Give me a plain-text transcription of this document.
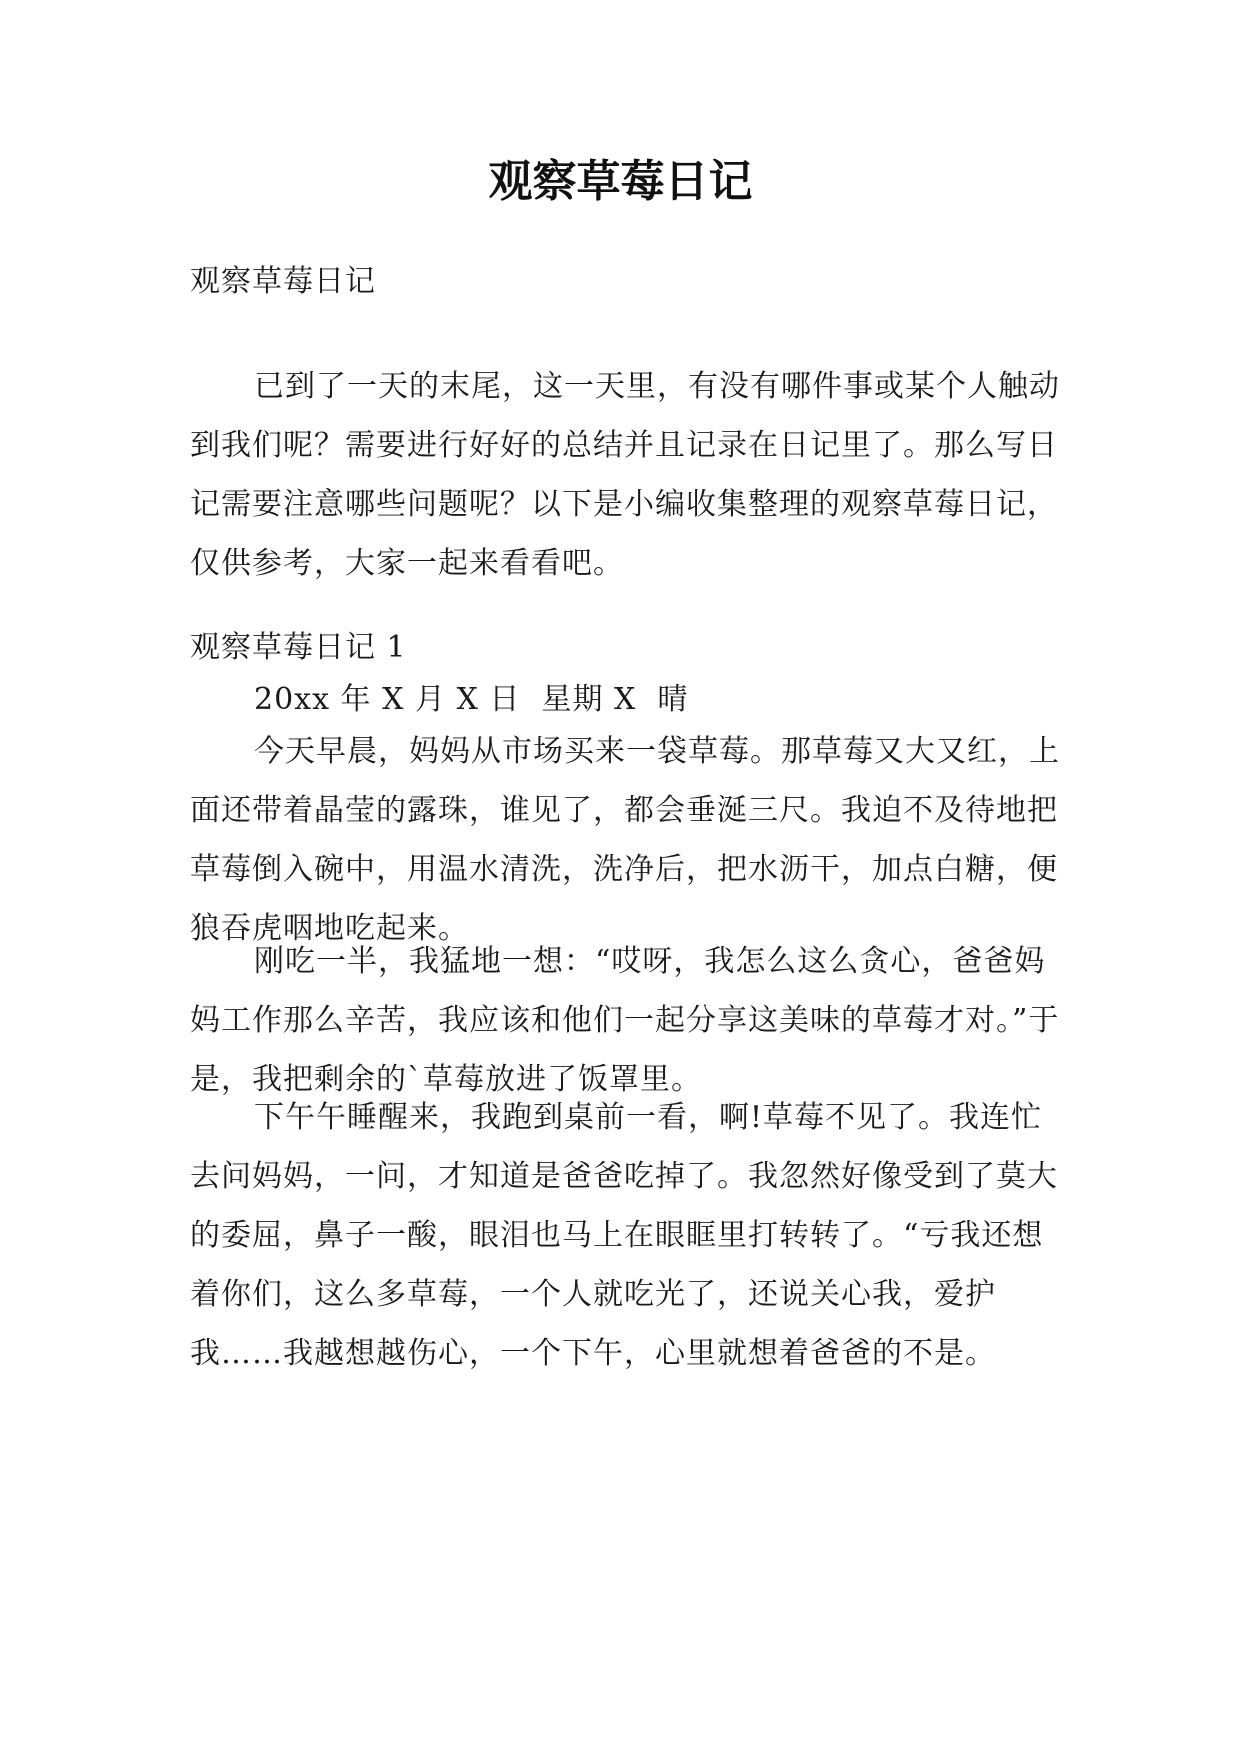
观察草莓日记

观察草莓日记

已到了一天的末尾，这一天里，有没有哪件事或某个人触动到我们呢？需要进行好好的总结并且记录在日记里了。那么写日记需要注意哪些问题呢？以下是小编收集整理的观察草莓日记，仅供参考，大家一起来看看吧。

观察草莓日记 1

20xx 年 X 月 X 日  星期 X  晴

今天早晨，妈妈从市场买来一袋草莓。那草莓又大又红，上面还带着晶莹的露珠，谁见了，都会垂涎三尺。我迫不及待地把草莓倒入碗中，用温水清洗，洗净后，把水沥干，加点白糖，便狼吞虎咽地吃起来。

刚吃一半，我猛地一想：“哎呀，我怎么这么贪心，爸爸妈妈工作那么辛苦，我应该和他们一起分享这美味的草莓才对。”于是，我把剩余的`草莓放进了饭罩里。

下午午睡醒来，我跑到桌前一看，啊!草莓不见了。我连忙去问妈妈，一问，才知道是爸爸吃掉了。我忽然好像受到了莫大的委屈，鼻子一酸，眼泪也马上在眼眶里打转转了。“亏我还想着你们，这么多草莓，一个人就吃光了，还说关心我，爱护我……我越想越伤心，一个下午，心里就想着爸爸的不是。
